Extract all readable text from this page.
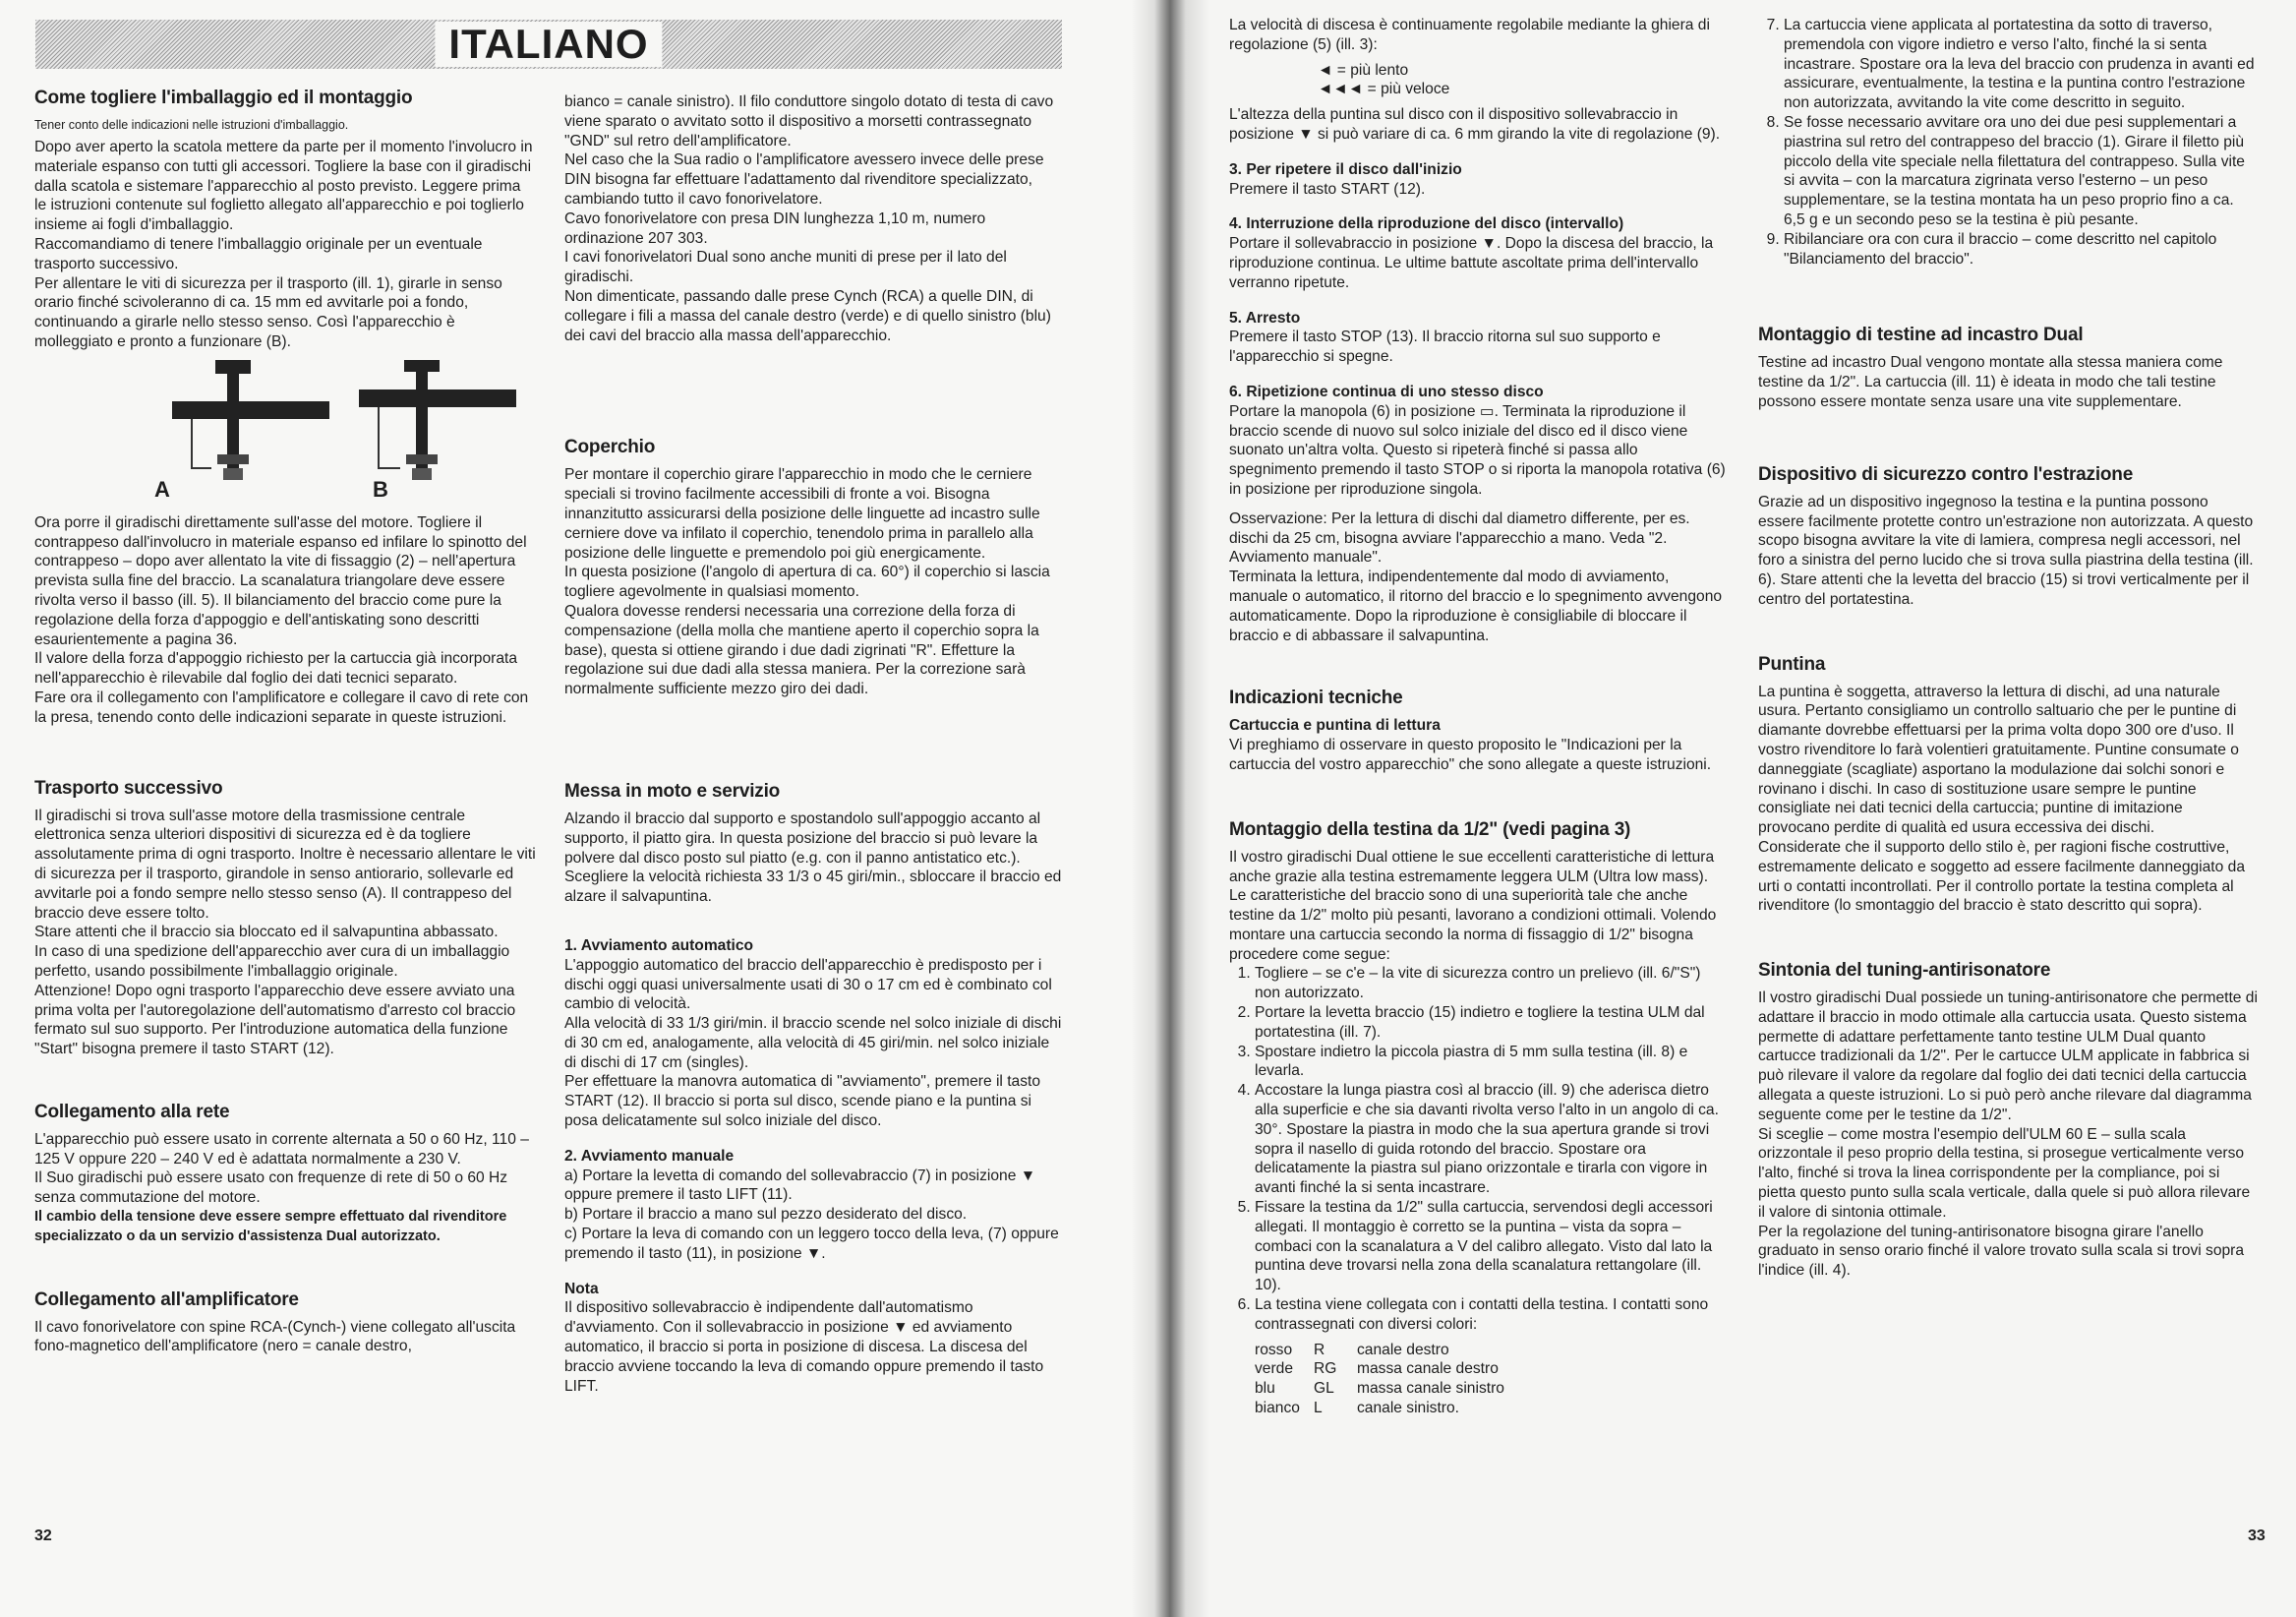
ITALIANO
Come togliere l'imballaggio ed il montaggio

Tener conto delle indicazioni nelle istruzioni d'imballaggio.

Dopo aver aperto la scatola mettere da parte per il momento l'involucro in materiale espanso con tutti gli accessori. Togliere la base con il giradischi dalla scatola e sistemare l'apparecchio al posto previsto. Leggere prima le istruzioni contenute sul foglietto allegato all'apparecchio e poi toglierlo insieme ai fogli d'imballaggio.

Raccomandiamo di tenere l'imballaggio originale per un eventuale trasporto successivo.

Per allentare le viti di sicurezza per il trasporto (ill. 1), girarle in senso orario finché scivoleranno di ca. 15 mm ed avvitarle poi a fondo, continuando a girarle nello stesso senso. Così l'apparecchio è molleggiato e pronto a funzionare (B).

A	B

Ora porre il giradischi direttamente sull'asse del motore. Togliere il contrappeso dall'involucro in materiale espanso ed infilare lo spinotto del contrappeso – dopo aver allentato la vite di fissaggio (2) – nell'apertura prevista sulla fine del braccio. La scanalatura triangolare deve essere rivolta verso il basso (ill. 5). Il bilanciamento del braccio come pure la regolazione della forza d'appoggio e dell'antiskating sono descritti esaurientemente a pagina 36.

Il valore della forza d'appoggio richiesto per la cartuccia già incorporata nell'apparecchio è rilevabile dal foglio dei dati tecnici separato.

Fare ora il collegamento con l'amplificatore e collegare il cavo di rete con la presa, tenendo conto delle indicazioni separate in queste istruzioni.

Trasporto successivo

Il giradischi si trova sull'asse motore della trasmissione centrale elettronica senza ulteriori dispositivi di sicurezza ed è da togliere assolutamente prima di ogni trasporto. Inoltre è necessario allentare le viti di sicurezza per il trasporto, girandole in senso antiorario, sollevarle ed avvitarle poi a fondo sempre nello stesso senso (A). Il contrappeso del braccio deve essere tolto.

Stare attenti che il braccio sia bloccato ed il salvapuntina abbassato.

In caso di una spedizione dell'apparecchio aver cura di un imballaggio perfetto, usando possibilmente l'imballaggio originale.

Attenzione! Dopo ogni trasporto l'apparecchio deve essere avviato una prima volta per l'autoregolazione dell'automatismo d'arresto col braccio fermato sul suo supporto. Per l'introduzione automatica della funzione "Start" bisogna premere il tasto START (12).

Collegamento alla rete

L'apparecchio può essere usato in corrente alternata a 50 o 60 Hz, 110 – 125 V oppure 220 – 240 V ed è adattata normalmente a 230 V.

Il Suo giradischi può essere usato con frequenze di rete di 50 o 60 Hz senza commutazione del motore.

Il cambio della tensione deve essere sempre effettuato dal rivenditore specializzato o da un servizio d'assistenza Dual autorizzato.

Collegamento all'amplificatore

Il cavo fonorivelatore con spine RCA-(Cynch-) viene collegato all'uscita fono-magnetico dell'amplificatore (nero = canale destro,

bianco = canale sinistro). Il filo conduttore singolo dotato di testa di cavo viene sparato o avvitato sotto il dispositivo a morsetti contrassegnato "GND" sul retro dell'amplificatore.

Nel caso che la Sua radio o l'amplificatore avessero invece delle prese DIN bisogna far effettuare l'adattamento dal rivenditore specializzato, cambiando tutto il cavo fonorivelatore.

Cavo fonorivelatore con presa DIN lunghezza 1,10 m, numero ordinazione 207 303.

I cavi fonorivelatori Dual sono anche muniti di prese per il lato del giradischi.

Non dimenticate, passando dalle prese Cynch (RCA) a quelle DIN, di collegare i fili a massa del canale destro (verde) e di quello sinistro (blu) dei cavi del braccio alla massa dell'apparecchio.

Coperchio

Per montare il coperchio girare l'apparecchio in modo che le cerniere speciali si trovino facilmente accessibili di fronte a voi. Bisogna innanzitutto assicurarsi della posizione delle linguette ad incastro sulle cerniere dove va infilato il coperchio, tenendolo prima in parallelo alla posizione delle linguette e premendolo poi giù energicamente.

In questa posizione (l'angolo di apertura di ca. 60°) il coperchio si lascia togliere agevolmente in qualsiasi momento.

Qualora dovesse rendersi necessaria una correzione della forza di compensazione (della molla che mantiene aperto il coperchio sopra la base), questa si ottiene girando i due dadi zigrinati "R". Effetture la regolazione sui due dadi alla stessa maniera. Per la correzione sarà normalmente sufficiente mezzo giro dei dadi.

Messa in moto e servizio

Alzando il braccio dal supporto e spostandolo sull'appoggio accanto al supporto, il piatto gira. In questa posizione del braccio si può levare la polvere dal disco posto sul piatto (e.g. con il panno antistatico etc.).

Scegliere la velocità richiesta 33 1/3 o 45 giri/min., sbloccare il braccio ed alzare il salvapuntina.

1. Avviamento automatico

L'appoggio automatico del braccio dell'apparecchio è predisposto per i dischi oggi quasi universalmente usati di 30 o 17 cm ed è combinato col cambio di velocità.

Alla velocità di 33 1/3 giri/min. il braccio scende nel solco iniziale di dischi di 30 cm ed, analogamente, alla velocità di 45 giri/min. nel solco iniziale di dischi di 17 cm (singles).

Per effettuare la manovra automatica di "avviamento", premere il tasto START (12). Il braccio si porta sul disco, scende piano e la puntina si posa delicatamente sul solco iniziale del disco.

2. Avviamento manuale

a) Portare la levetta di comando del sollevabraccio (7) in posizione ▼ oppure premere il tasto LIFT (11).

b) Portare il braccio a mano sul pezzo desiderato del disco.

c) Portare la leva di comando con un leggero tocco della leva, (7) oppure premendo il tasto (11), in posizione ▼.

Nota

Il dispositivo sollevabraccio è indipendente dall'automatismo d'avviamento. Con il sollevabraccio in posizione ▼ ed avviamento automatico, il braccio si porta in posizione di discesa. La discesa del braccio avviene toccando la leva di comando oppure premendo il tasto LIFT.

32

La velocità di discesa è continuamente regolabile mediante la ghiera di regolazione (5) (ill. 3):

◄ = più lento
◄◄◄ = più veloce

L'altezza della puntina sul disco con il dispositivo sollevabraccio in posizione ▼ si può variare di ca. 6 mm girando la vite di regolazione (9).

3. Per ripetere il disco dall'inizio

Premere il tasto START (12).

4. Interruzione della riproduzione del disco (intervallo)

Portare il sollevabraccio in posizione ▼. Dopo la discesa del braccio, la riproduzione continua. Le ultime battute ascoltate prima dell'intervallo verranno ripetute.

5. Arresto

Premere il tasto STOP (13). Il braccio ritorna sul suo supporto e l'apparecchio si spegne.

6. Ripetizione continua di uno stesso disco

Portare la manopola (6) in posizione ▭. Terminata la riproduzione il braccio scende di nuovo sul solco iniziale del disco ed il disco viene suonato un'altra volta. Questo si ripeterà finché si passa allo spegnimento premendo il tasto STOP o si riporta la manopola rotativa (6) in posizione per riproduzione singola.

Osservazione: Per la lettura di dischi dal diametro differente, per es. dischi da 25 cm, bisogna avviare l'apparecchio a mano. Veda "2. Avviamento manuale".

Terminata la lettura, indipendentemente dal modo di avviamento, manuale o automatico, il ritorno del braccio e lo spegnimento avvengono automaticamente. Dopo la riproduzione è consigliabile di bloccare il braccio e di abbassare il salvapuntina.

Indicazioni tecniche
Cartuccia e puntina di lettura

Vi preghiamo di osservare in questo proposito le "Indicazioni per la cartuccia del vostro apparecchio" che sono allegate a queste istruzioni.

Montaggio della testina da 1/2" (vedi pagina 3)

Il vostro giradischi Dual ottiene le sue eccellenti caratteristiche di lettura anche grazie alla testina estremamente leggera ULM (Ultra low mass). Le caratteristiche del braccio sono di una superiorità tale che anche testine da 1/2" molto più pesanti, lavorano a condizioni ottimali. Volendo montare una cartuccia secondo la norma di fissaggio di 1/2" bisogna procedere come segue:

1. Togliere – se c'e – la vite di sicurezza contro un prelievo (ill. 6/"S") non autorizzato.
2. Portare la levetta braccio (15) indietro e togliere la testina ULM dal portatestina (ill. 7).
3. Spostare indietro la piccola piastra di 5 mm sulla testina (ill. 8) e levarla.
4. Accostare la lunga piastra così al braccio (ill. 9) che aderisca dietro alla superficie e che sia davanti rivolta verso l'alto in un angolo di ca. 30°. Spostare la piastra in modo che la sua apertura grande si trovi sopra il nasello di guida rotondo del braccio. Spostare ora delicatamente la piastra sul piano orizzontale e tirarla con vigore in avanti finché la si senta incastrare.
5. Fissare la testina da 1/2" sulla cartuccia, servendosi degli accessori allegati. Il montaggio è corretto se la puntina – vista da sopra – combaci con la scanalatura a V del calibro allegato. Visto dal lato la puntina deve trovarsi nella zona della scanalatura rettangolare (ill. 10).
6. La testina viene collegata con i contatti della testina. I contatti sono contrassegnati con diversi colori:
rosso R canale destro
verde RG massa canale destro
blu	GL massa canale sinistro
bianco L canale sinistro.
7. La cartuccia viene applicata al portatestina da sotto di traverso, premendola con vigore indietro e verso l'alto, finché la si senta incastrare. Spostare ora la leva del braccio con prudenza in avanti ed assicurare, eventualmente, la testina e la puntina contro l'estrazione non autorizzata, avvitando la vite come descritto in seguito.
8. Se fosse necessario avvitare ora uno dei due pesi supplementari a piastrina sul retro del contrappeso del braccio (1). Girare il filetto più piccolo della vite speciale nella filettatura del contrappeso. Sulla vite si avvita – con la marcatura zigrinata verso l'esterno – un peso supplementare, se la testina montata ha un peso proprio fino a ca. 6,5 g e un secondo peso se la testina è più pesante.
9. Ribilanciare ora con cura il braccio – come descritto nel capitolo "Bilanciamento del braccio".
Montaggio di testine ad incastro Dual

Testine ad incastro Dual vengono montate alla stessa maniera come testine da 1/2". La cartuccia (ill. 11) è ideata in modo che tali testine possono essere montate senza usare una vite supplementare.

Dispositivo di sicurezzo contro l'estrazione

Grazie ad un dispositivo ingegnoso la testina e la puntina possono essere facilmente protette contro un'estrazione non autorizzata. A questo scopo bisogna avvitare la vite di lamiera, compresa negli accessori, nel foro a sinistra del perno lucido che si trova sulla piastrina della testina (ill. 6). Stare attenti che la levetta del braccio (15) si trovi verticalmente per il centro del portatestina.

Puntina

La puntina è soggetta, attraverso la lettura di dischi, ad una naturale usura. Pertanto consigliamo un controllo saltuario che per le puntine di diamante dovrebbe effettuarsi per la prima volta dopo 300 ore d'uso. Il vostro rivenditore lo farà volentieri gratuitamente. Puntine consumate o danneggiate (scagliate) asportano la modulazione dai solchi sonori e rovinano i dischi. In caso di sostituzione usare sempre le puntine consigliate nei dati tecnici della cartuccia; puntine di imitazione provocano perdite di qualità ed usura eccessiva dei dischi.

Considerate che il supporto dello stilo è, per ragioni fische costruttive, estremamente delicato e soggetto ad essere facilmente danneggiato da urti o contatti incontrollati. Per il controllo portate la testina completa al rivenditore (lo smontaggio del braccio è stato descritto qui sopra).

Sintonia del tuning-antirisonatore

Il vostro giradischi Dual possiede un tuning-antirisonatore che permette di adattare il braccio in modo ottimale alla cartuccia usata. Questo sistema permette di adattare perfettamente tanto testine ULM Dual quanto cartucce tradizionali da 1/2". Per le cartucce ULM applicate in fabbrica si può rilevare il valore da regolare dal foglio dei dati tecnici della cartuccia allegata a queste istruzioni. Lo si può però anche rilevare dal diagramma seguente come per le testine da 1/2".

Si sceglie – come mostra l'esempio dell'ULM 60 E – sulla scala orizzontale il peso proprio della testina, si prosegue verticalmente verso l'alto, finché si trova la linea corrispondente per la compliance, poi si pietta questo punto sulla scala verticale, dalla quele si può allora rilevare il valore di sintonia ottimale.

Per la regolazione del tuning-antirisonatore bisogna girare l'anello graduato in senso orario finché il valore trovato sulla scala si trovi sopra l'indice (ill. 4).

33
